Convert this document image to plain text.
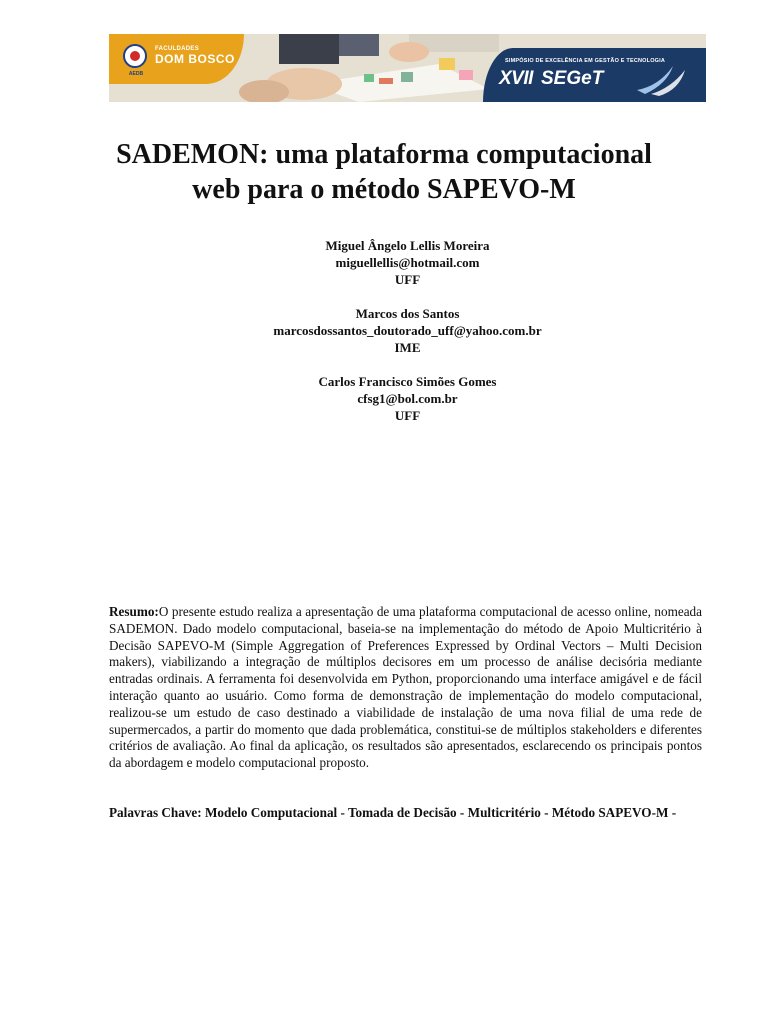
AEDB
FACULDADES
DOM BOSCO	SIMPÓSIO DE EXCELÊNCIA EM GESTÃO E TECNOLOGIA
XVII SEGeT
SADEMON: uma plataforma computacional
web para o método SAPEVO-M
Miguel Ângelo Lellis Moreira
miguellellis@hotmail.com
UFF
Marcos dos Santos
marcosdossantos_doutorado_uff@yahoo.com.br
IME
Carlos Francisco Simões Gomes
cfsg1@bol.com.br
UFF

Resumo:O presente estudo realiza a apresentação de uma plataforma computacional de acesso online, nomeada SADEMON. Dado modelo computacional, baseia-se na implementação do método de Apoio Multicritério à Decisão SAPEVO-M (Simple Aggregation of Preferences Expressed by Ordinal Vectors – Multi Decision makers), viabilizando a integração de múltiplos decisores em um processo de análise decisória mediante entradas ordinais. A ferramenta foi desenvolvida em Python, proporcionando uma interface amigável e de fácil interação quanto ao usuário. Como forma de demonstração de implementação do modelo computacional, realizou-se um estudo de caso destinado a viabilidade de instalação de uma nova filial de uma rede de supermercados, a partir do momento que dada problemática, constitui-se de múltiplos stakeholders e diferentes critérios de avaliação. Ao final da aplicação, os resultados são apresentados, esclarecendo os principais pontos da abordagem e modelo computacional proposto.

Palavras Chave: Modelo Computacional - Tomada de Decisão - Multicritério - Método SAPEVO-M -
